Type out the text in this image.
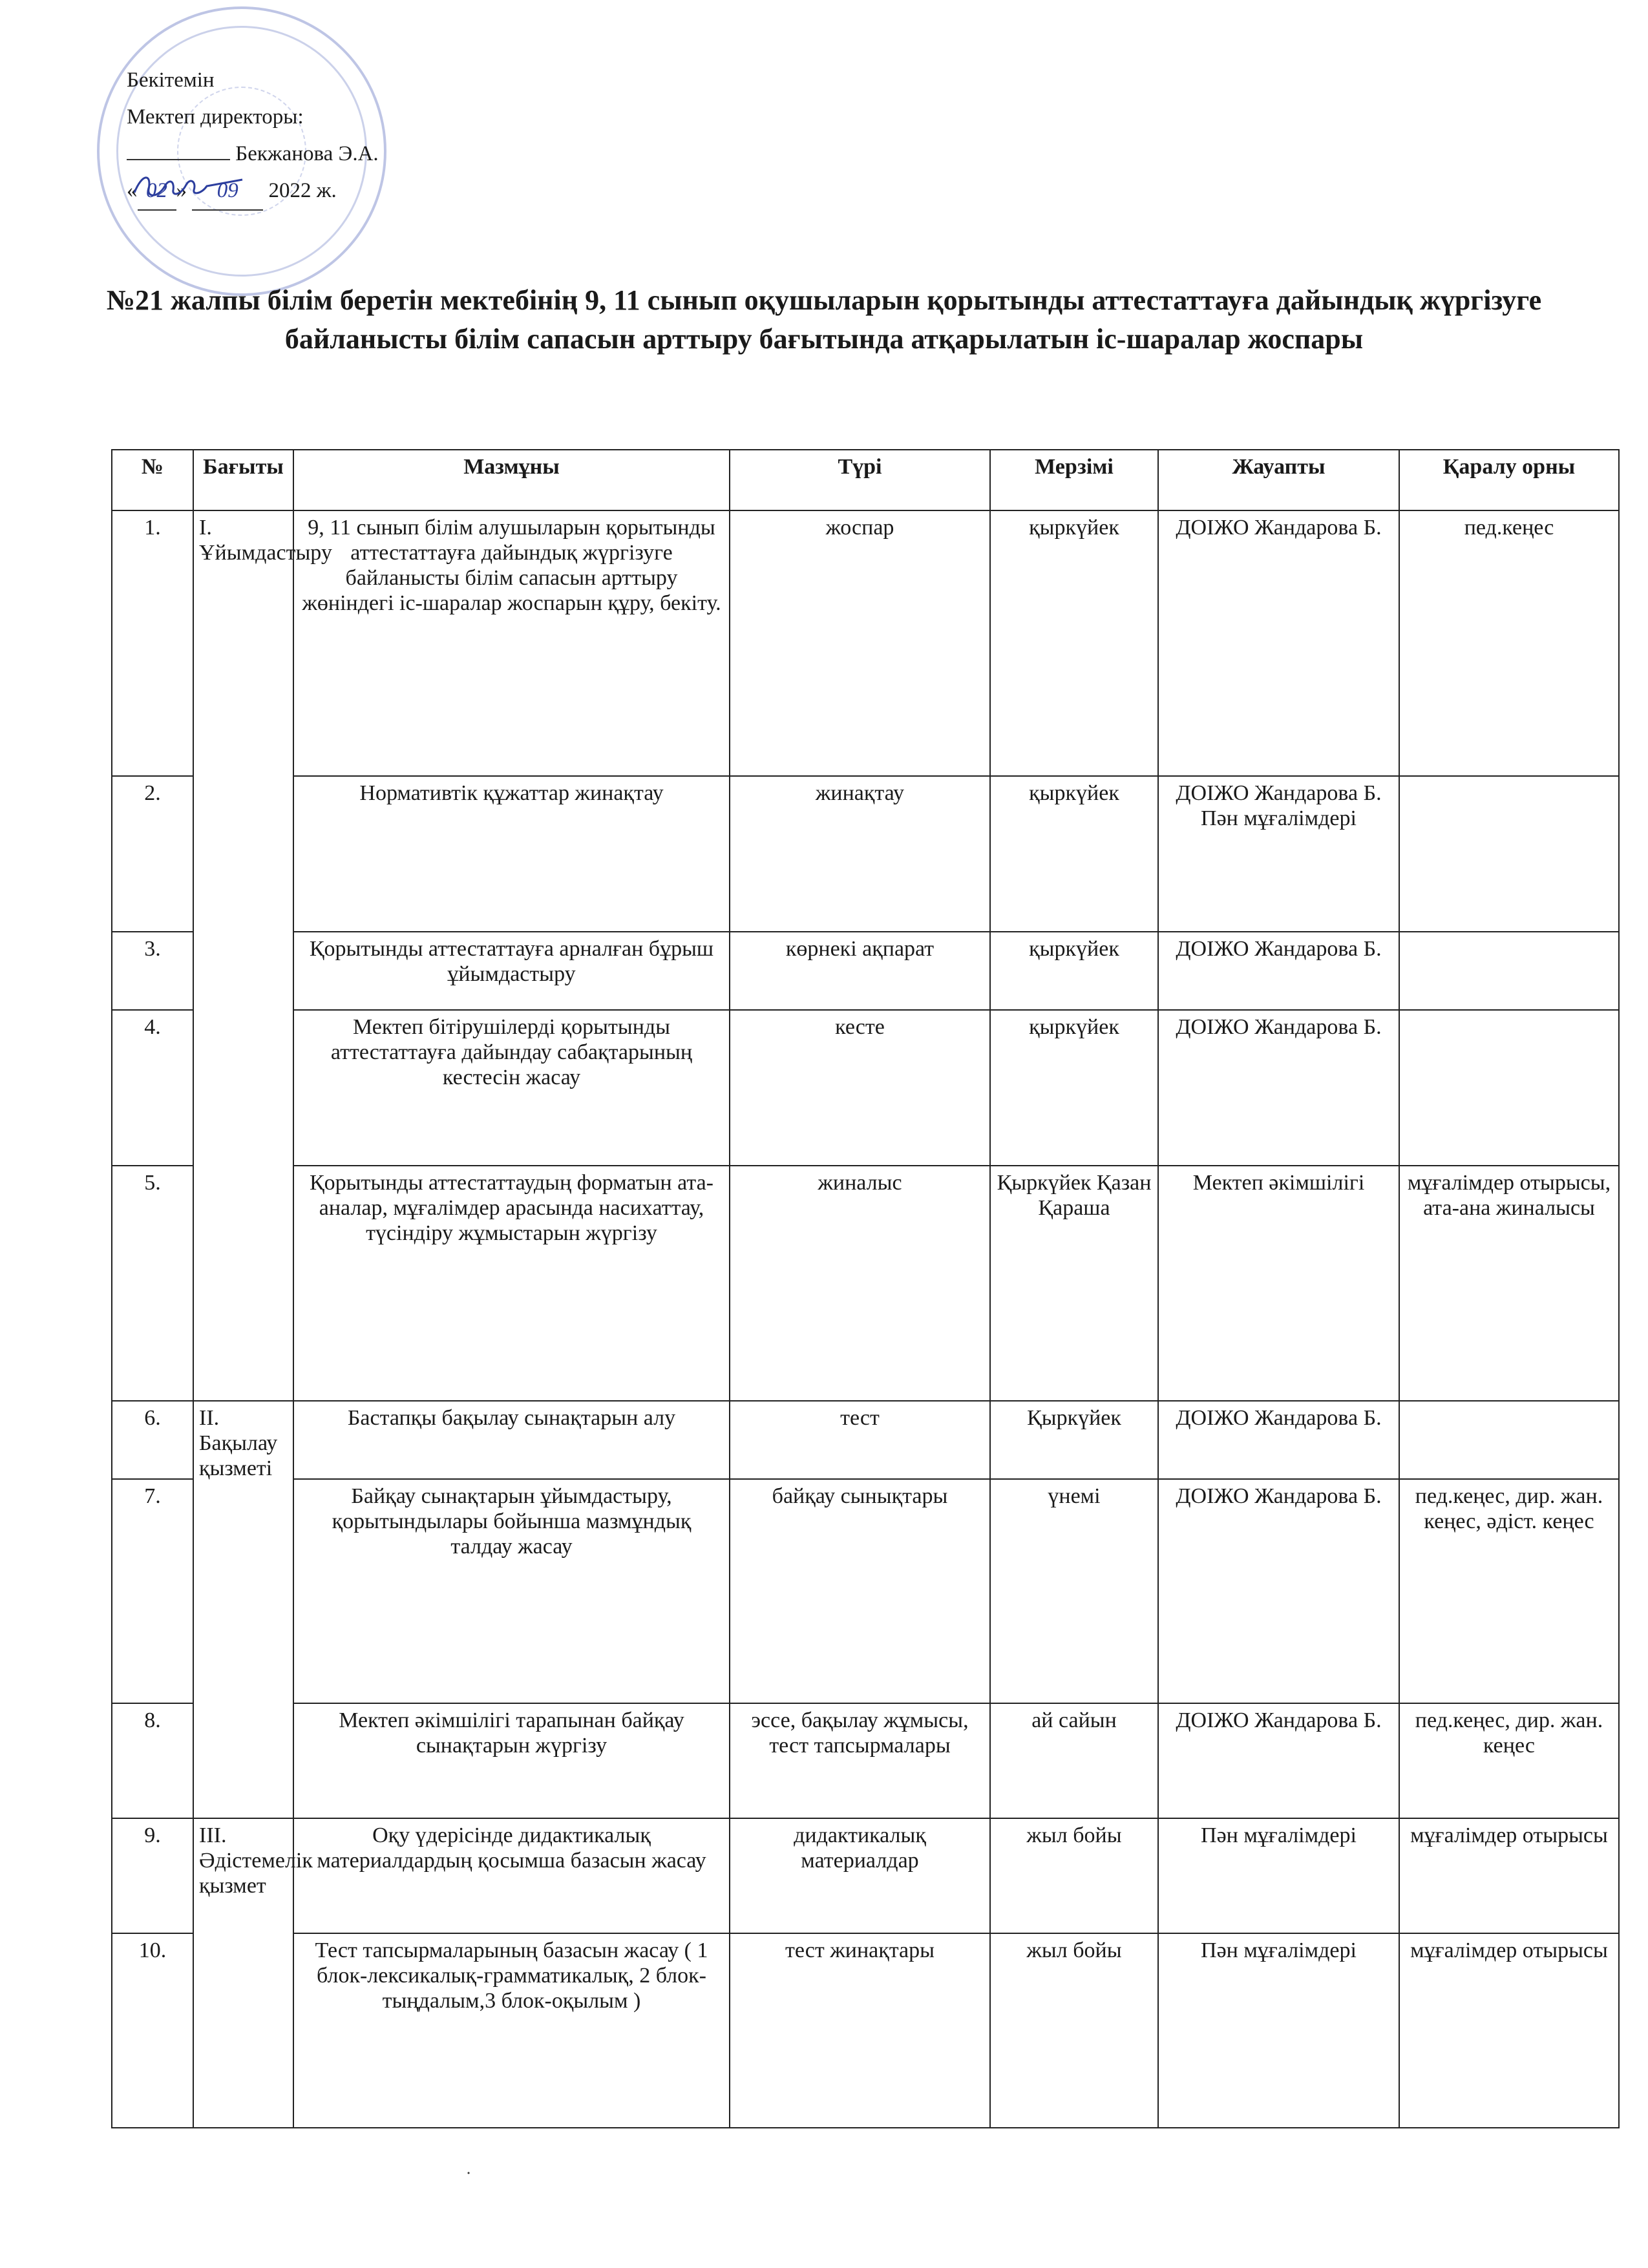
Бекітемін
Мектеп директоры:
Бекжанова Э.А.
« 02 » 09 2022 ж.
№21 жалпы білім беретін мектебінің 9, 11 сынып оқушыларын қорытынды аттестаттауға дайындық жүргізуге байланысты білім сапасын арттыру бағытында атқарылатын іс-шаралар жоспары
№	Бағыты	Мазмұны	Түрі	Мерзімі	Жауапты	Қаралу орны
1.	I. Ұйымдастыру	9, 11 сынып білім алушыларын қорытынды аттестаттауға дайындық жүргізуге байланысты білім сапасын арттыру жөніндегі іс-шаралар жоспарын құру, бекіту.	жоспар	қыркүйек	ДОІЖО Жандарова Б.	пед.кеңес
2.		Нормативтік құжаттар жинақтау	жинақтау	қыркүйек	ДОІЖО Жандарова Б. Пән мұғалімдері	
3.		Қорытынды аттестаттауға арналған бұрыш ұйымдастыру	көрнекі ақпарат	қыркүйек	ДОІЖО Жандарова Б.	
4.		Мектеп бітірушілерді қорытынды аттестаттауға дайындау сабақтарының кестесін жасау	кесте	қыркүйек	ДОІЖО Жандарова Б.	
5.		Қорытынды аттестаттаудың форматын ата-аналар, мұғалімдер арасында насихаттау, түсіндіру жұмыстарын жүргізу	жиналыс	Қыркүйек Қазан Қараша	Мектеп әкімшілігі	мұғалімдер отырысы, ата-ана жиналысы
6.	II. Бақылау қызметі	Бастапқы бақылау сынақтарын алу	тест	Қыркүйек	ДОІЖО Жандарова Б.	
7.		Байқау сынақтарын ұйымдастыру, қорытындылары бойынша мазмұндық талдау жасау	байқау сынықтары	үнемі	ДОІЖО Жандарова Б.	пед.кеңес, дир. жан. кеңес, әдіст. кеңес
8.		Мектеп әкімшілігі тарапынан байқау сынақтарын жүргізу	эссе, бақылау жұмысы, тест тапсырмалары	ай сайын	ДОІЖО Жандарова Б.	пед.кеңес, дир. жан. кеңес
9.	III. Әдістемелік қызмет	Оқу үдерісінде дидактикалық материалдардың қосымша базасын жасау	дидактикалық материалдар	жыл бойы	Пән мұғалімдері	мұғалімдер отырысы
10.		Тест тапсырмаларының базасын жасау ( 1 блок-лексикалық-грамматикалық, 2 блок-тыңдалым,3 блок-оқылым )	тест жинақтары	жыл бойы	Пән мұғалімдері	мұғалімдер отырысы
˙
